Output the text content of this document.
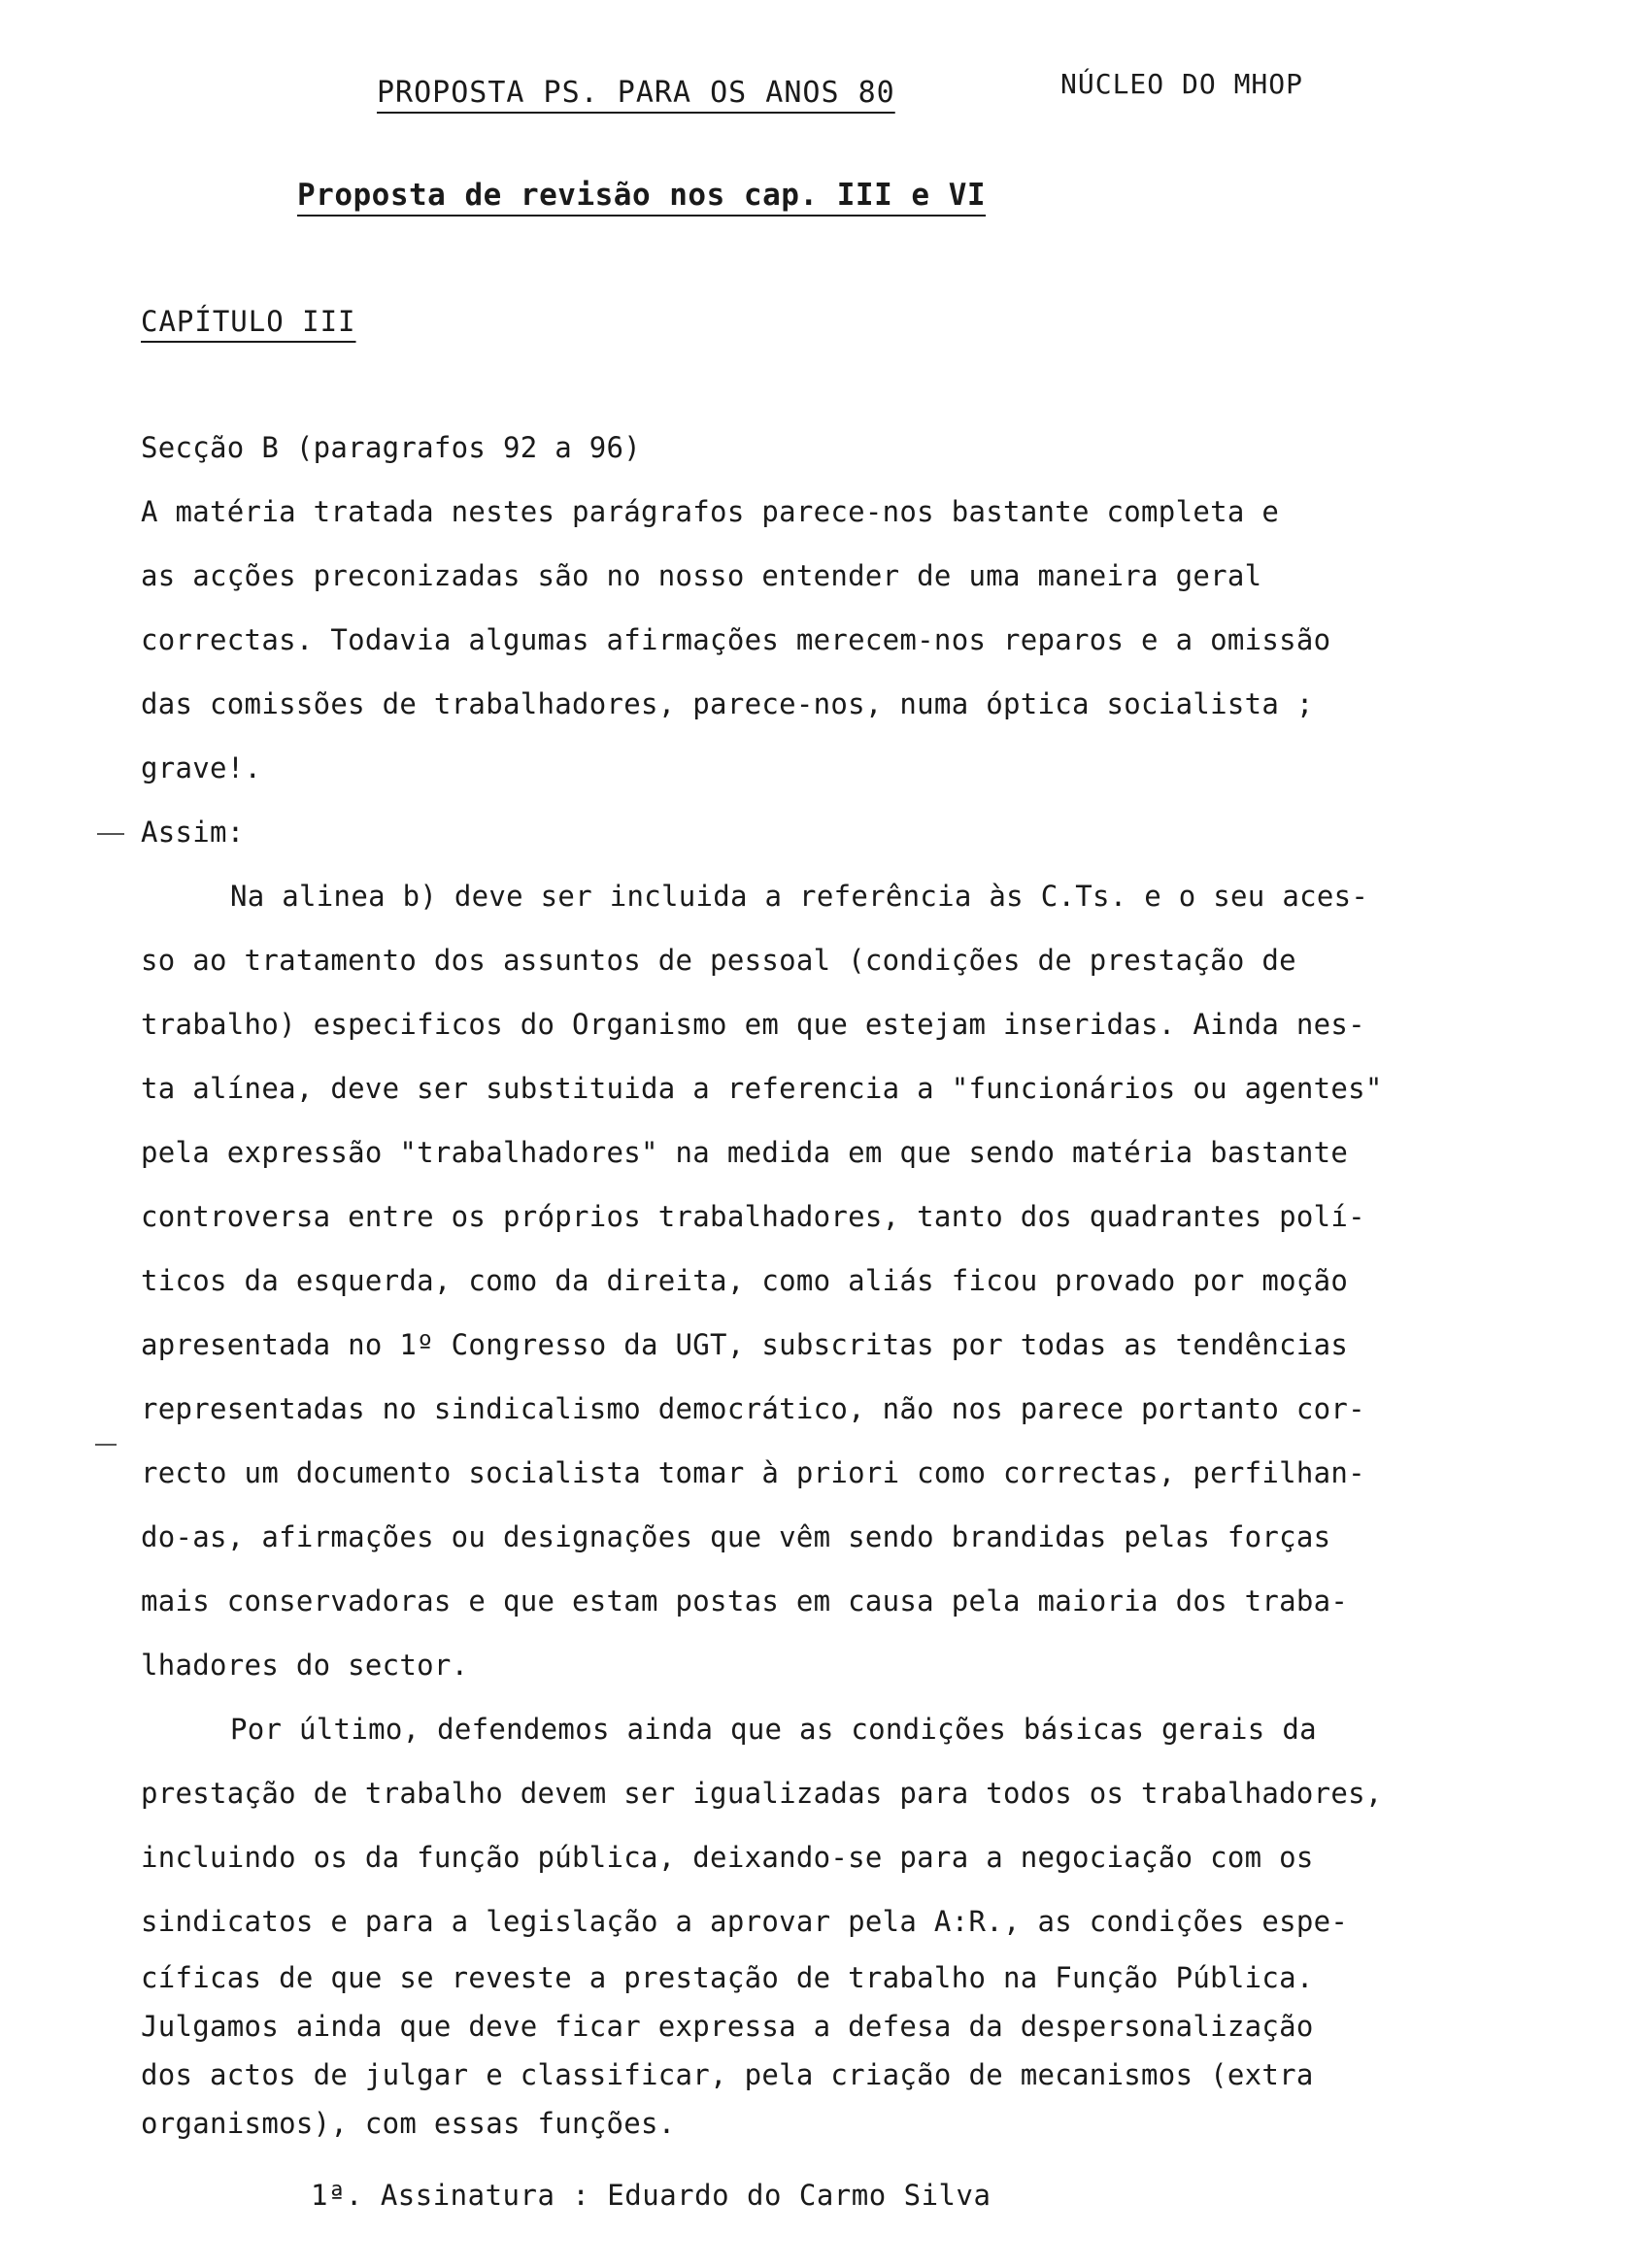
PROPOSTA PS. PARA OS ANOS 80	NÚCLEO DO MHOP
Proposta de revisão nos cap. III e VI
CAPÍTULO III
Secção B (paragrafos 92 a 96)
A matéria tratada nestes parágrafos parece-nos bastante completa e
as acções preconizadas são no nosso entender de uma maneira geral
correctas. Todavia algumas afirmações merecem-nos reparos e a omissão
das comissões de trabalhadores, parece-nos, numa óptica socialista ;
grave!.
Assim:
Na alinea b) deve ser incluida a referência às C.Ts. e o seu aces-
so ao tratamento dos assuntos de pessoal (condições de prestação de
trabalho) especificos do Organismo em que estejam inseridas. Ainda nes-
ta alínea, deve ser substituida a referencia a "funcionários ou agentes"
pela expressão "trabalhadores" na medida em que sendo matéria bastante
controversa entre os próprios trabalhadores, tanto dos quadrantes polí-
ticos da esquerda, como da direita, como aliás ficou provado por moção
apresentada no 1º Congresso da UGT, subscritas por todas as tendências
representadas no sindicalismo democrático, não nos parece portanto cor-
recto um documento socialista tomar à priori como correctas, perfilhan-
do-as, afirmações ou designações que vêm sendo brandidas pelas forças
mais conservadoras e que estam postas em causa pela maioria dos traba-
lhadores do sector.
Por último, defendemos ainda que as condições básicas gerais da
prestação de trabalho devem ser igualizadas para todos os trabalhadores,
incluindo os da função pública, deixando-se para a negociação com os
sindicatos e para a legislação a aprovar pela A:R., as condições espe-
cíficas de que se reveste a prestação de trabalho na Função Pública.
Julgamos ainda que deve ficar expressa a defesa da despersonalização
dos actos de julgar e classificar, pela criação de mecanismos (extra
organismos), com essas funções.
1ª. Assinatura : Eduardo do Carmo Silva
